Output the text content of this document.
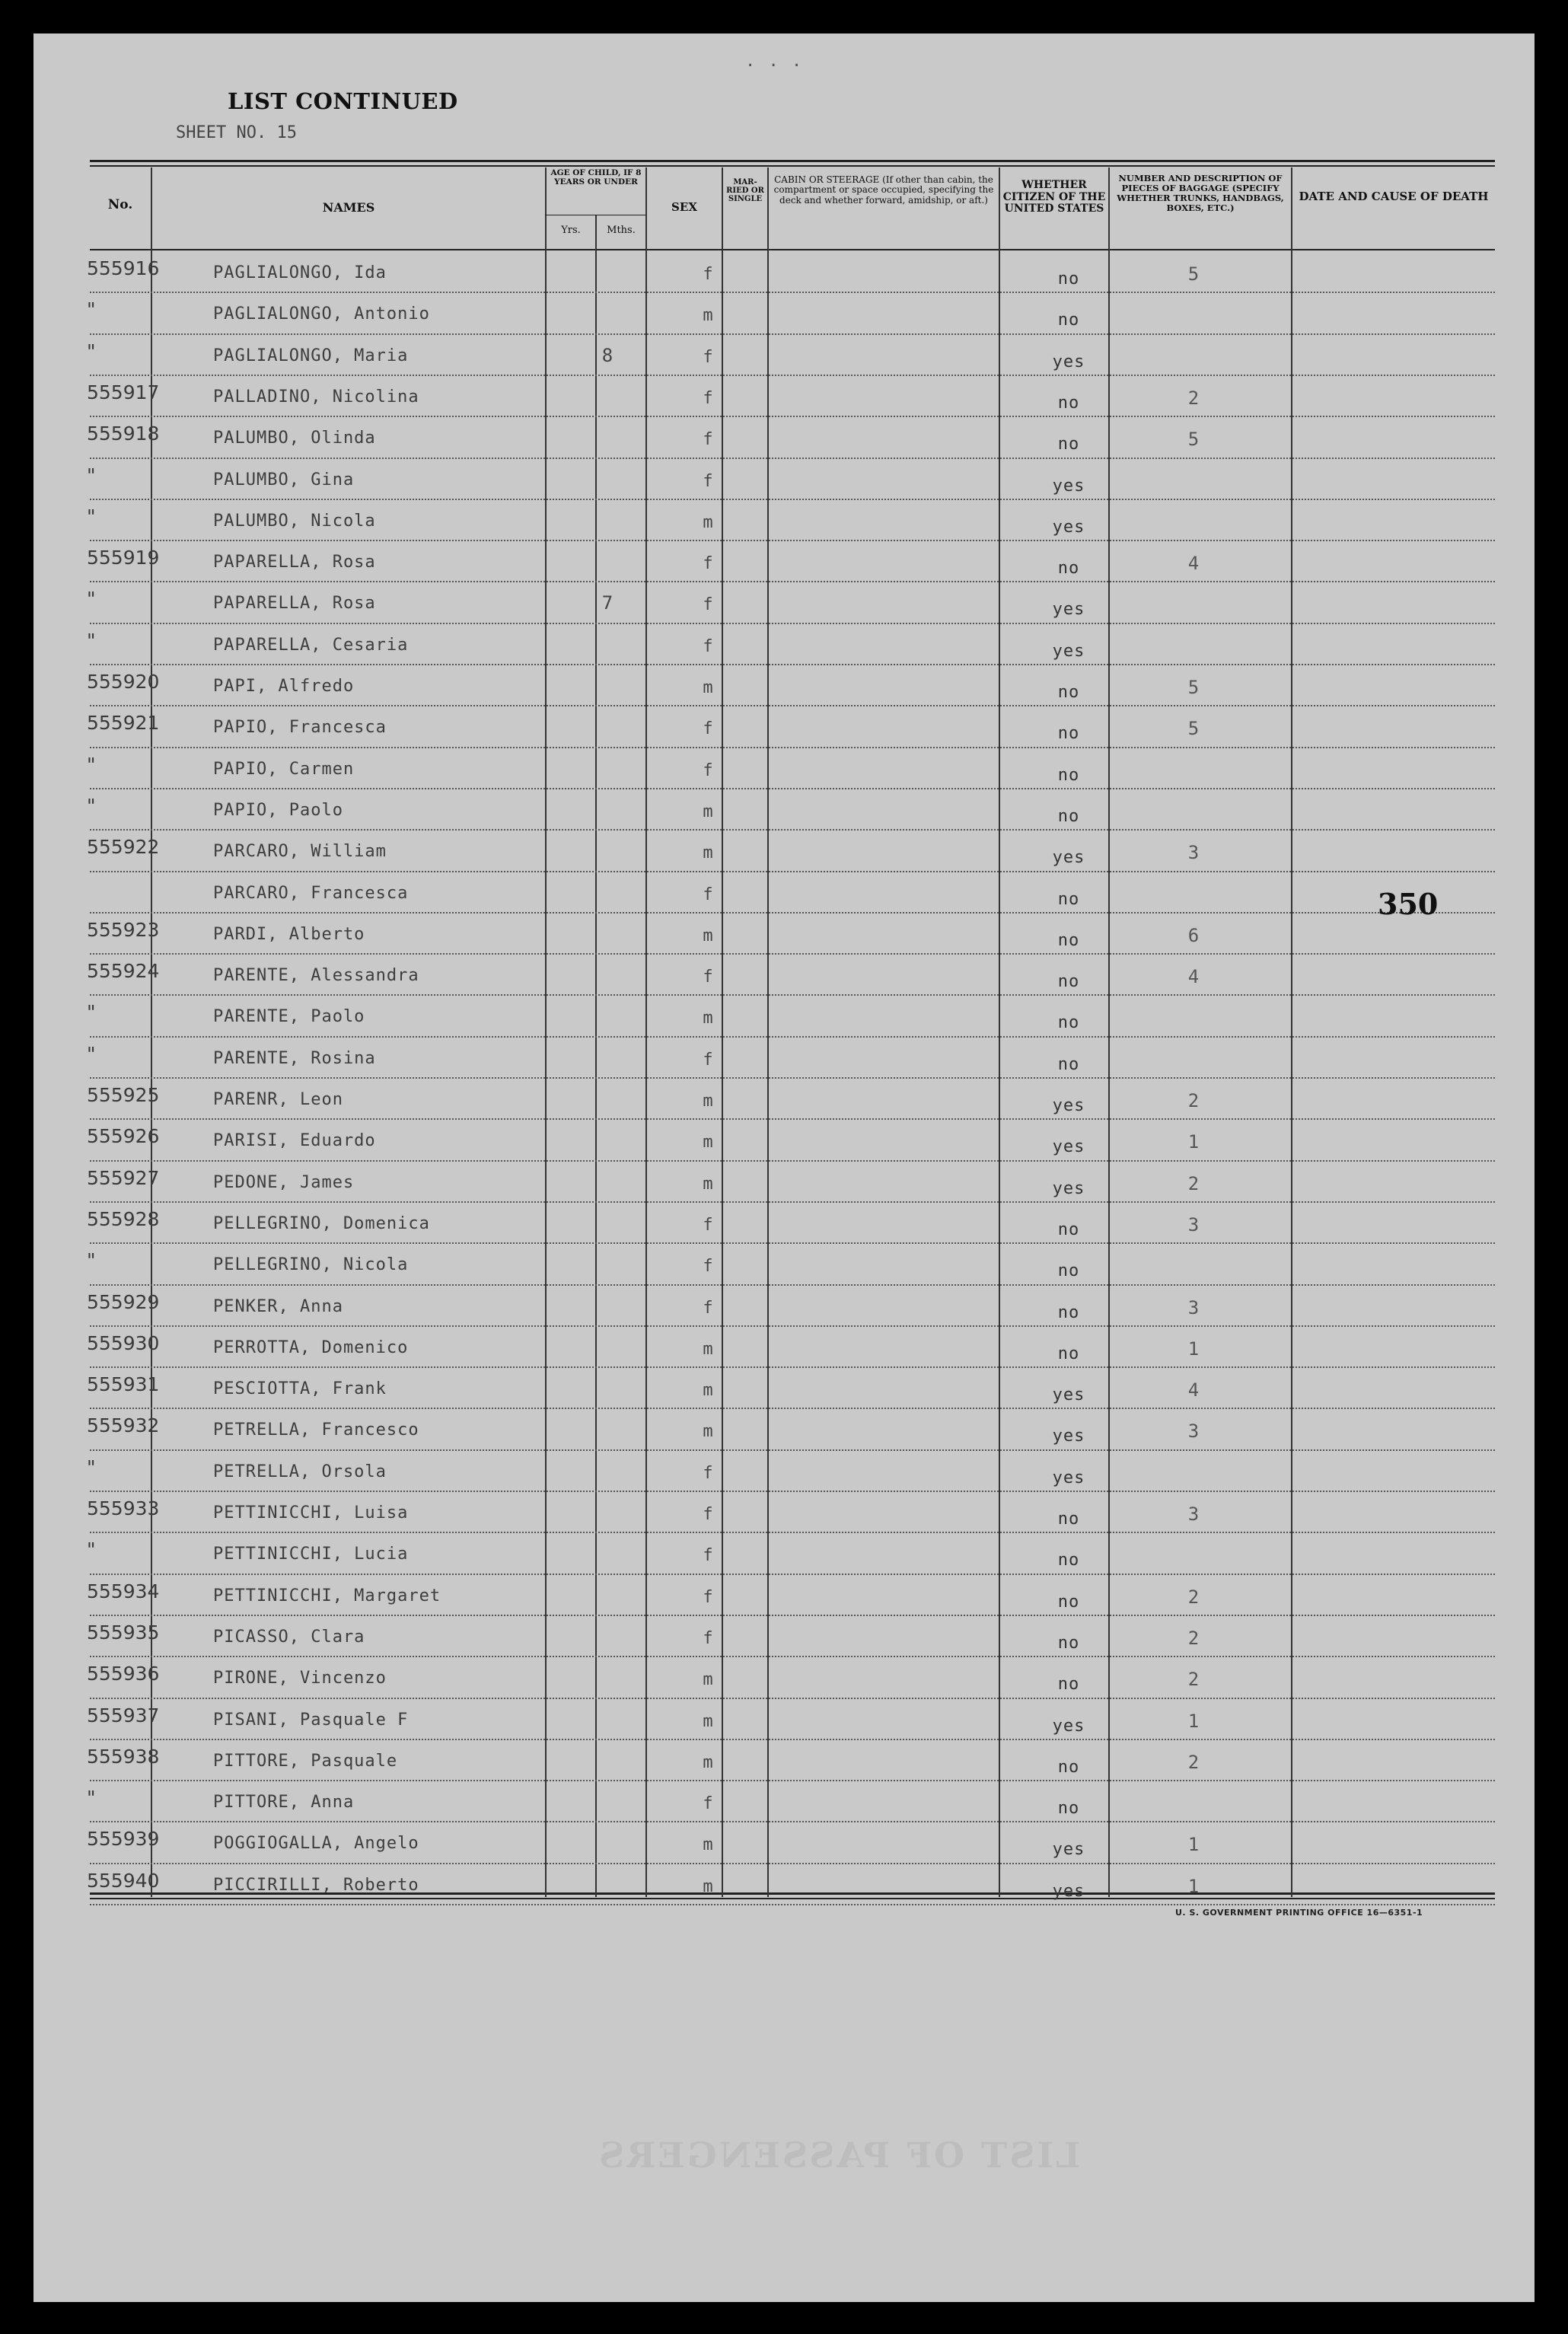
· · ·
LIST CONTINUED
SHEET NO. 15
No.	NAMES
AGE OF CHILD, IF 8 YEARS OR UNDER
Yrs.	Mths.
SEX
MAR-RIED OR SINGLE
CABIN OR STEERAGE (If other than cabin, the compartment or space occupied, specifying the deck and whether forward, amidship, or aft.)
WHETHER CITIZEN OF THE UNITED STATES
NUMBER AND DESCRIPTION OF PIECES OF BAGGAGE (SPECIFY WHETHER TRUNKS, HANDBAGS, BOXES, ETC.)
DATE AND CAUSE OF DEATH
555916	PAGLIALONGO, Ida	f	no	5
"	PAGLIALONGO, Antonio	m	no
"	PAGLIALONGO, Maria	8	f	yes
555917	PALLADINO, Nicolina	f	no	2
555918	PALUMBO, Olinda	f	no	5
"	PALUMBO, Gina	f	yes
"	PALUMBO, Nicola	m	yes
555919	PAPARELLA, Rosa	f	no	4
"	PAPARELLA, Rosa	7	f	yes
"	PAPARELLA, Cesaria	f	yes
555920	PAPI, Alfredo	m	no	5
555921	PAPIO, Francesca	f	no	5
"	PAPIO, Carmen	f	no
"	PAPIO, Paolo	m	no
555922	PARCARO, William	m	yes	3
PARCARO, Francesca	f	no
555923	PARDI, Alberto	m	no	6
555924	PARENTE, Alessandra	f	no	4
"	PARENTE, Paolo	m	no
"	PARENTE, Rosina	f	no
555925	PARENR, Leon	m	yes	2
555926	PARISI, Eduardo	m	yes	1
555927	PEDONE, James	m	yes	2
555928	PELLEGRINO, Domenica	f	no	3
"	PELLEGRINO, Nicola	f	no
555929	PENKER, Anna	f	no	3
555930	PERROTTA, Domenico	m	no	1
555931	PESCIOTTA, Frank	m	yes	4
555932	PETRELLA, Francesco	m	yes	3
"	PETRELLA, Orsola	f	yes
555933	PETTINICCHI, Luisa	f	no	3
"	PETTINICCHI, Lucia	f	no
555934	PETTINICCHI, Margaret	f	no	2
555935	PICASSO, Clara	f	no	2
555936	PIRONE, Vincenzo	m	no	2
555937	PISANI, Pasquale F	m	yes	1
555938	PITTORE, Pasquale	m	no	2
"	PITTORE, Anna	f	no
555939	POGGIOGALLA, Angelo	m	yes	1
555940	PICCIRILLI, Roberto	m	yes	1
350
U. S. GOVERNMENT PRINTING OFFICE 16—6351-1
LIST OF PASSENGERS
